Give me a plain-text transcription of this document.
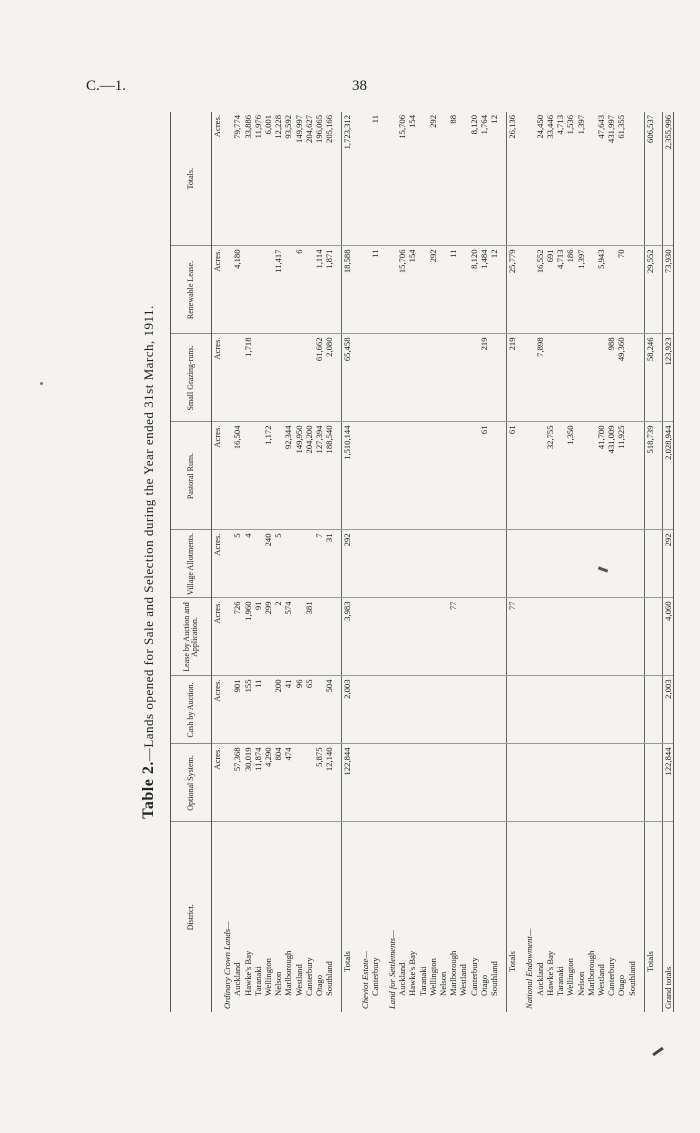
C.—1.	38
Table 2.—Lands opened for Sale and Selection during the Year ended 31st March, 1911.
District.	Optional System.	Cash by Auction.	Lease by Auction and Application.	Village Allotments.	Pastoral Runs.	Small Grazing-runs.	Renewable Lease.	Totals.
	Acres.	Acres.	Acres.	Acres.	Acres.	Acres.	Acres.	Acres.
Ordinary Crown Lands—								
Auckland	57,368	901	726	5	16,504		4,180	79,774
Hawke's Bay	30,019	155	1,960	4		1,718		33,886
Taranaki	11,874	11	91					11,976
Wellington	4,290		299	240	1,172			6,001
Nelson	804	200	2	5			11,417	12,228
Marlborough	474	41	574		92,344			93,592
Westland		96			149,950		6	149,997
Canterbury		65	381		204,200			204,627
Otago	5,875			7	127,394	61,662	1,114	196,065
Southland	12,140	504		31	188,540	2,080	1,871	205,166

Totals	122,844	2,003	3,983	292	1,510,144	65,458	18,588	1,723,312

Cheviot Estate—								
Canterbury							11	11

Land for Settlements—								
Auckland							15,706	15,706
Hawke's Bay							154	154
Taranaki								
Wellington							292	292
Nelson								
Marlborough			77				11	88
Westland								
Canterbury							8,120	8,120
Otago					61	219	1,484	1,764
Southland							12	12

Totals			77		61	219	25,779	26,136

National Endowment—								
Auckland						7,898	16,552	24,450
Hawke's Bay					32,755		691	33,446
Taranaki							4,713	4,713
Wellington					1,350		186	1,536
Nelson							1,397	1,397
Marlborough								
Westland					41,700		5,943	47,643
Canterbury					431,009	988		431,997
Otago					11,925	49,360	70	61,355
Southland								

Totals					518,739	58,246	29,552	606,537

Grand totals	122,844	2,003	4,060	292	2,028,944	123,923	73,930	2,355,996
